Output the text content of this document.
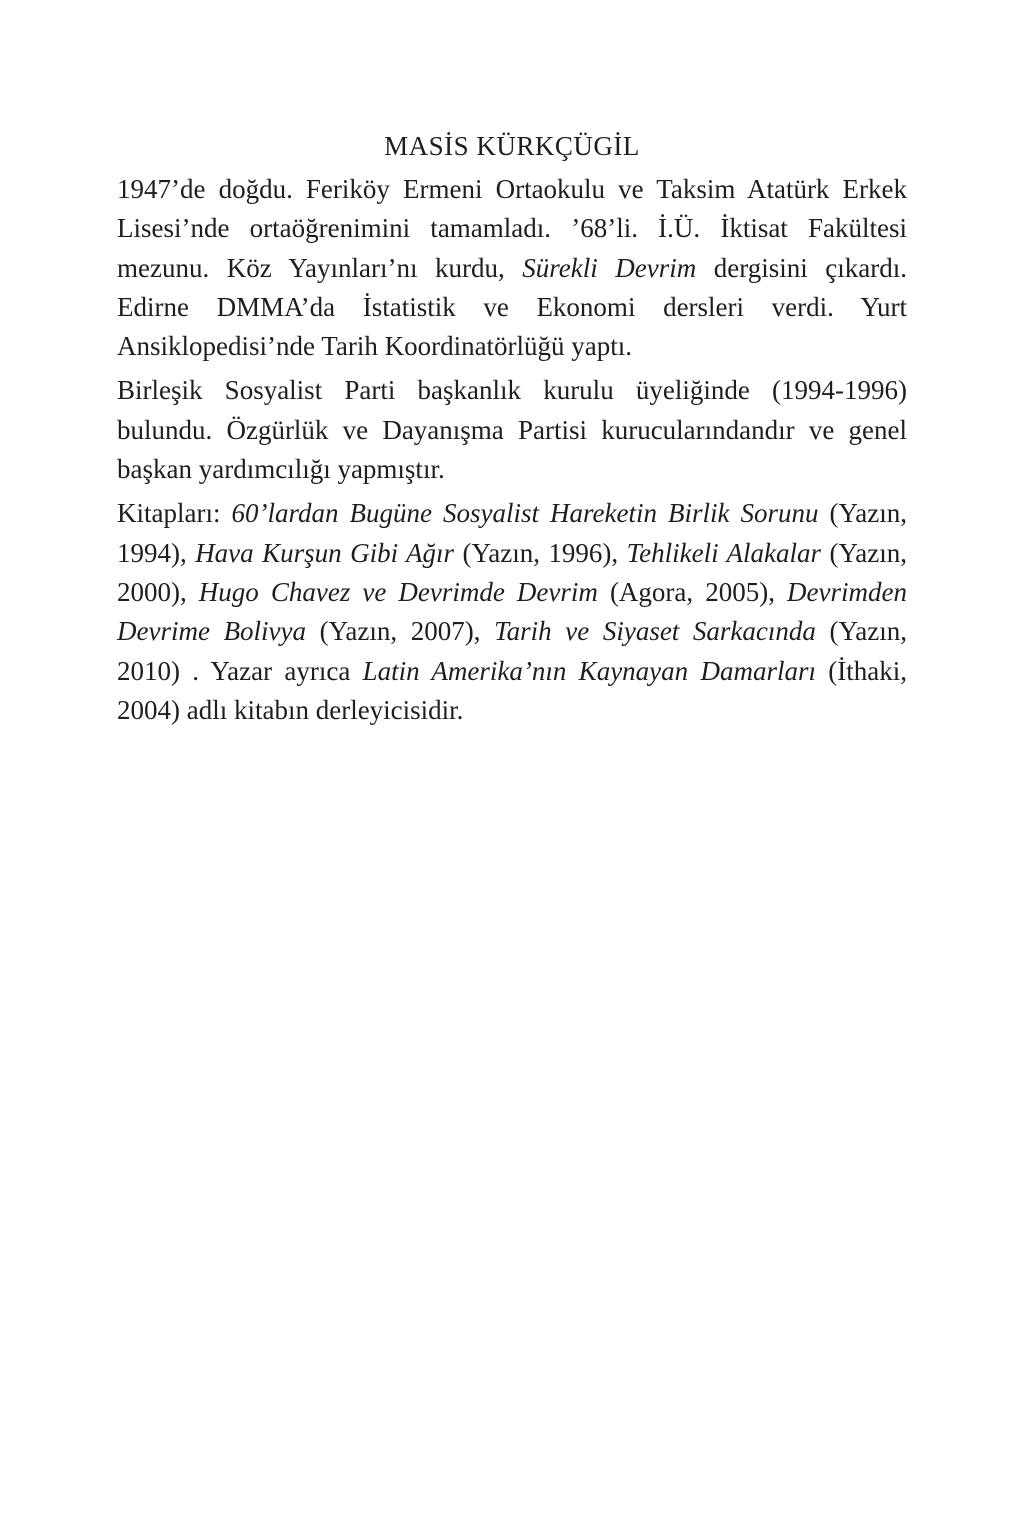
MASİS KÜRKÇÜGİL

1947’de doğdu. Feriköy Ermeni Ortaokulu ve Taksim Atatürk Erkek Lisesi’nde ortaöğrenimini tamamladı. ’68’li. İ.Ü. İktisat Fakültesi mezunu. Köz Yayınları’nı kurdu, Sürekli Devrim dergisini çıkardı. Edirne DMMA’da İstatistik ve Ekonomi dersleri verdi. Yurt Ansiklopedisi’nde Tarih Koordinatörlüğü yaptı.

Birleşik Sosyalist Parti başkanlık kurulu üyeliğinde (1994-1996) bulundu. Özgürlük ve Dayanışma Partisi kurucularındandır ve genel başkan yardımcılığı yapmıştır.

Kitapları: 60’lardan Bugüne Sosyalist Hareketin Birlik Sorunu (Yazın, 1994), Hava Kurşun Gibi Ağır (Yazın, 1996), Tehlikeli Alakalar (Yazın, 2000), Hugo Chavez ve Devrimde Devrim (Agora, 2005), Devrimden Devrime Bolivya (Yazın, 2007), Tarih ve Siyaset Sarkacında (Yazın, 2010) . Yazar ayrıca Latin Amerika’nın Kaynayan Damarları (İthaki, 2004) adlı kitabın derleyicisidir.
